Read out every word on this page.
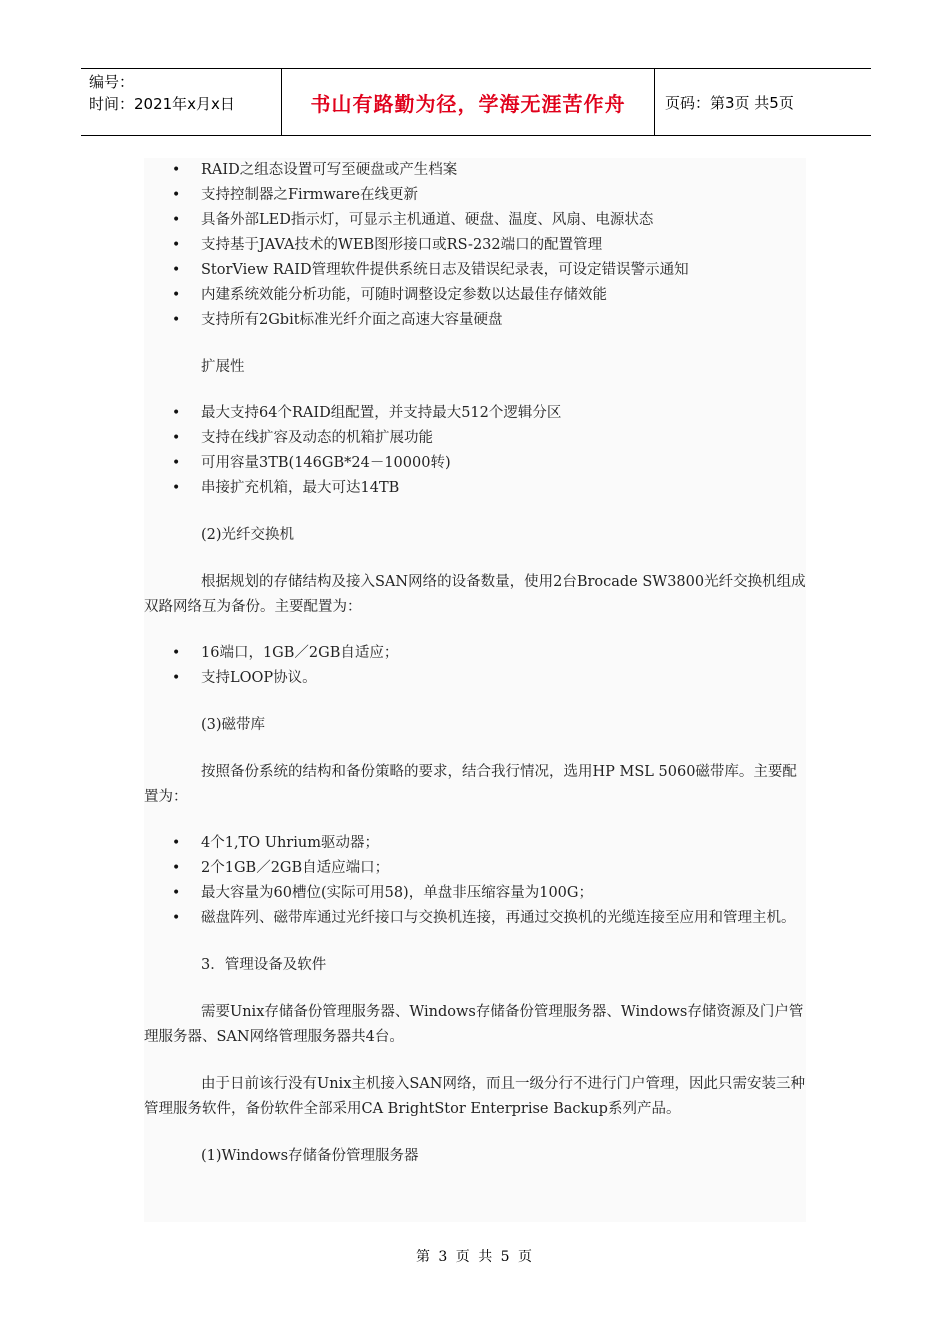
编号：
时间：2021年x月x日	书山有路勤为径，学海无涯苦作舟	页码：第3页 共5页
• RAID之组态设置可写至硬盘或产生档案
• 支持控制器之Firmware在线更新
• 具备外部LED指示灯，可显示主机通道、硬盘、温度、风扇、电源状态
• 支持基于JAVA技术的WEB图形接口或RS-232端口的配置管理
• StorView RAID管理软件提供系统日志及错误纪录表，可设定错误警示通知
• 内建系统效能分析功能，可随时调整设定参数以达最佳存储效能
• 支持所有2Gbit标准光纤介面之高速大容量硬盘
扩展性
• 最大支持64个RAID组配置，并支持最大512个逻辑分区
• 支持在线扩容及动态的机箱扩展功能
• 可用容量3TB(146GB*24－10000转)
• 串接扩充机箱，最大可达14TB
(2)光纤交换机

根据规划的存储结构及接入SAN网络的设备数量，使用2台Brocade SW3800光纤交换机组成双路网络互为备份。主要配置为：

• 16端口，1GB／2GB自适应；
• 支持LOOP协议。
(3)磁带库

按照备份系统的结构和备份策略的要求，结合我行情况，选用HP MSL 5060磁带库。主要配置为：

• 4个1,TO Uhrium驱动器；
• 2个1GB／2GB自适应端口；
• 最大容量为60槽位(实际可用58)，单盘非压缩容量为100G；
• 磁盘阵列、磁带库通过光纤接口与交换机连接，再通过交换机的光缆连接至应用和管理主机。
3．管理设备及软件

需要Unix存储备份管理服务器、Windows存储备份管理服务器、Windows存储资源及门户管理服务器、SAN网络管理服务器共4台。

由于日前该行没有Unix主机接入SAN网络，而且一级分行不进行门户管理，因此只需安装三种管理服务软件，备份软件全部采用CA BrightStor Enterprise Backup系列产品。

(1)Windows存储备份管理服务器
第 3 页 共 5 页
